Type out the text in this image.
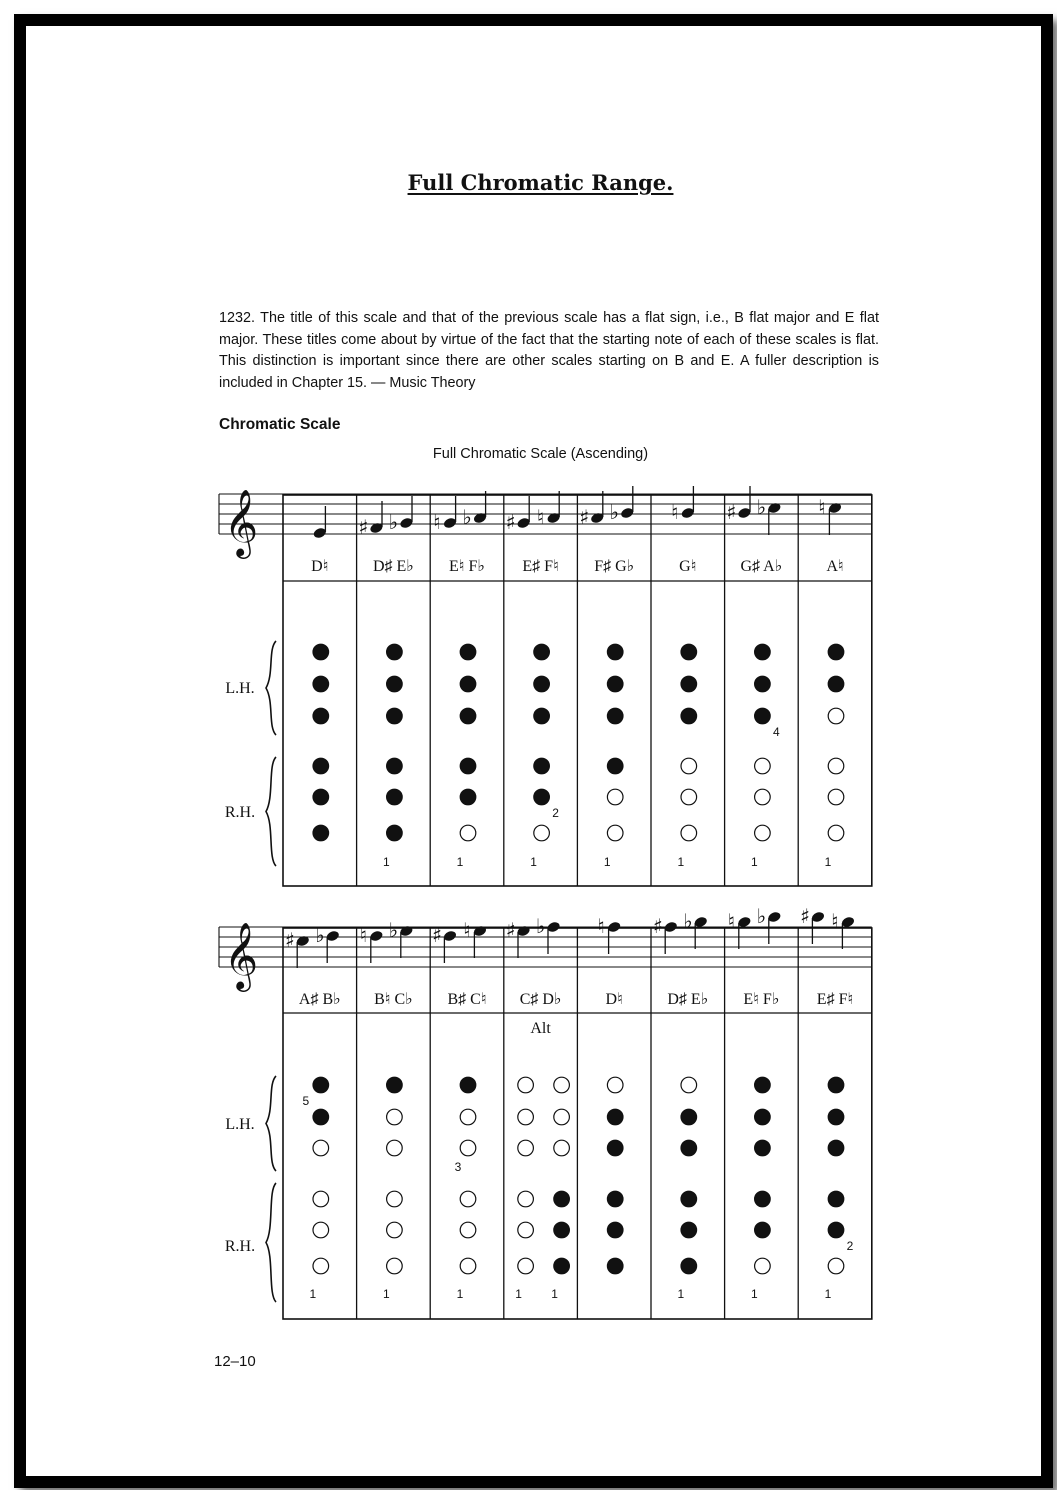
Full Chromatic Range.
1232. The title of this scale and that of the previous scale has a flat sign, i.e., B flat major and E flat major. These titles come about by virtue of the fact that the starting note of each of these scales is flat. This distinction is important since there are other scales starting on B and E. A fuller description is included in Chapter 15. — Music Theory
Chromatic Scale
Full Chromatic Scale (Ascending)
12–10
𝄞
L.H.
R.H.
D♮
♯ ♭
D♯ E♭
1
♮ ♭
E♮ F♭
1
♯ ♮
E♯ F♮
1
2
♯ ♭
F♯ G♭
1
♮
G♮
1
♯ ♭
G♯ A♭
1
4
♮
A♮
1
𝄞
L.H.
R.H.
♯ ♭
A♯ B♭
1
5
♮ ♭
B♮ C♭
1
♯ ♮
B♯ C♮
1
3
♯ ♭
C♯ D♭
Alt
1 1
♮
D♮
♯ ♭
D♯ E♭
1
♮ ♭
E♮ F♭
1
♯ ♮
E♯ F♮
1
2
